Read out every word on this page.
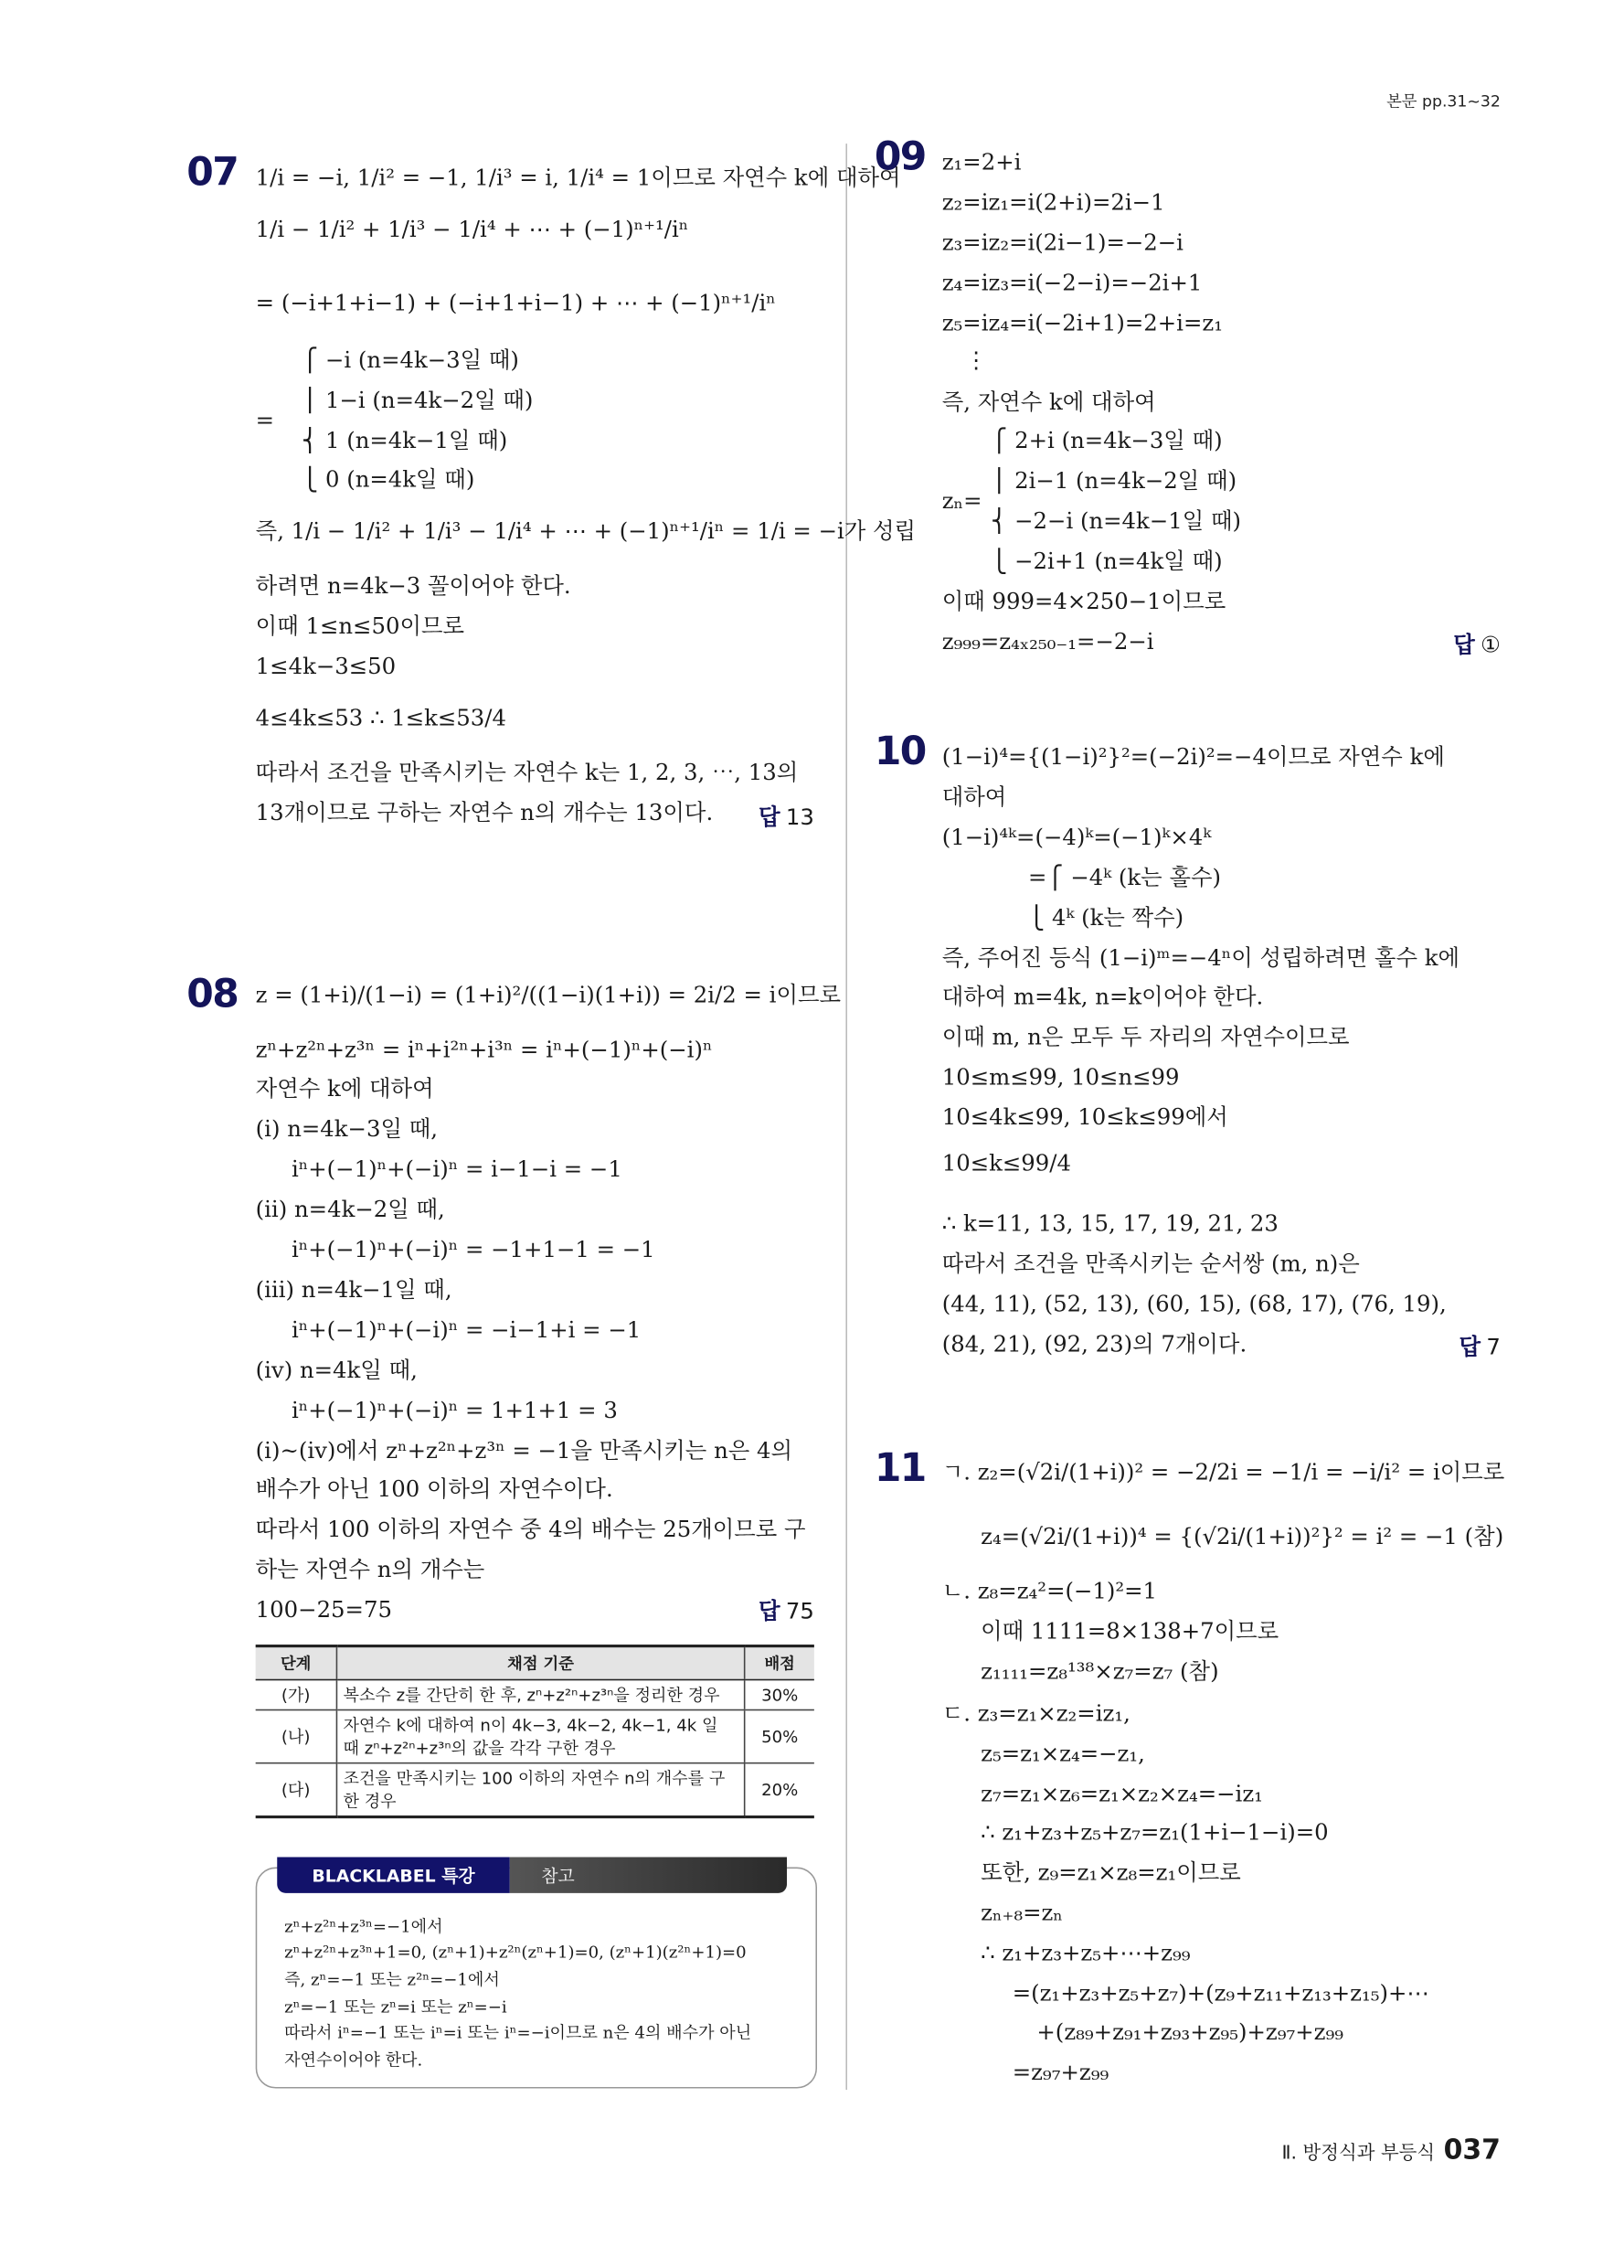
본문 pp.31~32
07 1/i = −i, 1/i² = −1, 1/i³ = i, 1/i⁴ = 1이므로 자연수 k에 대하여
1/i − 1/i² + 1/i³ − 1/i⁴ + ⋯ + (−1)ⁿ⁺¹/iⁿ
= (−i+1+i−1) + (−i+1+i−1) + ⋯ + (−1)ⁿ⁺¹/iⁿ
⎧ −i (n=4k−3일 때)
⎪ 1−i (n=4k−2일 때)
⎨ 1 (n=4k−1일 때)
⎩ 0 (n=4k일 때)
즉, 1/i − 1/i² + 1/i³ − 1/i⁴ + ⋯ + (−1)ⁿ⁺¹/iⁿ = 1/i = −i가 성립
하려면 n=4k−3 꼴이어야 한다.
이때 1≤n≤50이므로
1≤4k−3≤50
4≤4k≤53 ∴ 1≤k≤53/4
따라서 조건을 만족시키는 자연수 k는 1, 2, 3, ⋯, 13의
13개이므로 구하는 자연수 n의 개수는 13이다.
=
답 13
08 z = (1+i)/(1−i) = (1+i)²/((1−i)(1+i)) = 2i/2 = i이므로
zⁿ+z²ⁿ+z³ⁿ = iⁿ+i²ⁿ+i³ⁿ = iⁿ+(−1)ⁿ+(−i)ⁿ
자연수 k에 대하여
(ⅰ) n=4k−3일 때,
iⁿ+(−1)ⁿ+(−i)ⁿ = i−1−i = −1
(ⅱ) n=4k−2일 때,
iⁿ+(−1)ⁿ+(−i)ⁿ = −1+1−1 = −1
(ⅲ) n=4k−1일 때,
iⁿ+(−1)ⁿ+(−i)ⁿ = −i−1+i = −1
(ⅳ) n=4k일 때,
iⁿ+(−1)ⁿ+(−i)ⁿ = 1+1+1 = 3
(ⅰ)~(ⅳ)에서 zⁿ+z²ⁿ+z³ⁿ = −1을 만족시키는 n은 4의
배수가 아닌 100 이하의 자연수이다.
따라서 100 이하의 자연수 중 4의 배수는 25개이므로 구
하는 자연수 n의 개수는
100−25=75	답 75
09 z₁=2+i
z₂=iz₁=i(2+i)=2i−1
z₃=iz₂=i(2i−1)=−2−i
z₄=iz₃=i(−2−i)=−2i+1
z₅=iz₄=i(−2i+1)=2+i=z₁
⋮
즉, 자연수 k에 대하여
⎧ 2+i (n=4k−3일 때)
⎪ 2i−1 (n=4k−2일 때)
⎨ −2−i (n=4k−1일 때)
⎩ −2i+1 (n=4k일 때)
이때 999=4×250−1이므로
z₉₉₉=z₄ₓ₂₅₀₋₁=−2−i
zₙ=
답 ①
10 (1−i)⁴={(1−i)²}²=(−2i)²=−4이므로 자연수 k에
대하여
(1−i)⁴ᵏ=(−4)ᵏ=(−1)ᵏ×4ᵏ
=⎧ −4ᵏ (k는 홀수)
⎩ 4ᵏ (k는 짝수)
즉, 주어진 등식 (1−i)ᵐ=−4ⁿ이 성립하려면 홀수 k에
대하여 m=4k, n=k이어야 한다.
이때 m, n은 모두 두 자리의 자연수이므로
10≤m≤99, 10≤n≤99
10≤4k≤99, 10≤k≤99에서
10≤k≤99/4
∴ k=11, 13, 15, 17, 19, 21, 23
따라서 조건을 만족시키는 순서쌍 (m, n)은
(44, 11), (52, 13), (60, 15), (68, 17), (76, 19),
(84, 21), (92, 23)의 7개이다.	답 7
11 ㄱ. z₂=(√2i/(1+i))² = −2/2i = −1/i = −i/i² = i이므로
z₄=(√2i/(1+i))⁴ = {(√2i/(1+i))²}² = i² = −1 (참)
ㄴ. z₈=z₄²=(−1)²=1
이때 1111=8×138+7이므로
z₁₁₁₁=z₈¹³⁸×z₇=z₇ (참)
ㄷ. z₃=z₁×z₂=iz₁,
z₅=z₁×z₄=−z₁,
z₇=z₁×z₆=z₁×z₂×z₄=−iz₁
∴ z₁+z₃+z₅+z₇=z₁(1+i−1−i)=0
또한, z₉=z₁×z₈=z₁이므로
zₙ₊₈=zₙ
∴ z₁+z₃+z₅+⋯+z₉₉
=(z₁+z₃+z₅+z₇)+(z₉+z₁₁+z₁₃+z₁₅)+⋯
+(z₈₉+z₉₁+z₉₃+z₉₅)+z₉₇+z₉₉
=z₉₇+z₉₉
단계	채점 기준	배점
(가)	복소수 z를 간단히 한 후, zⁿ+z²ⁿ+z³ⁿ을 정리한 경우	30%
(나)	자연수 k에 대하여 n이 4k−3, 4k−2, 4k−1, 4k 일 때 zⁿ+z²ⁿ+z³ⁿ의 값을 각각 구한 경우	50%
(다)	조건을 만족시키는 100 이하의 자연수 n의 개수를 구한 경우	20%
BLACKLABEL 특강	참고
zⁿ+z²ⁿ+z³ⁿ=−1에서
zⁿ+z²ⁿ+z³ⁿ+1=0, (zⁿ+1)+z²ⁿ(zⁿ+1)=0, (zⁿ+1)(z²ⁿ+1)=0
즉, zⁿ=−1 또는 z²ⁿ=−1에서
zⁿ=−1 또는 zⁿ=i 또는 zⁿ=−i
따라서 iⁿ=−1 또는 iⁿ=i 또는 iⁿ=−i이므로 n은 4의 배수가 아닌
자연수이어야 한다.
Ⅱ. 방정식과 부등식 037
